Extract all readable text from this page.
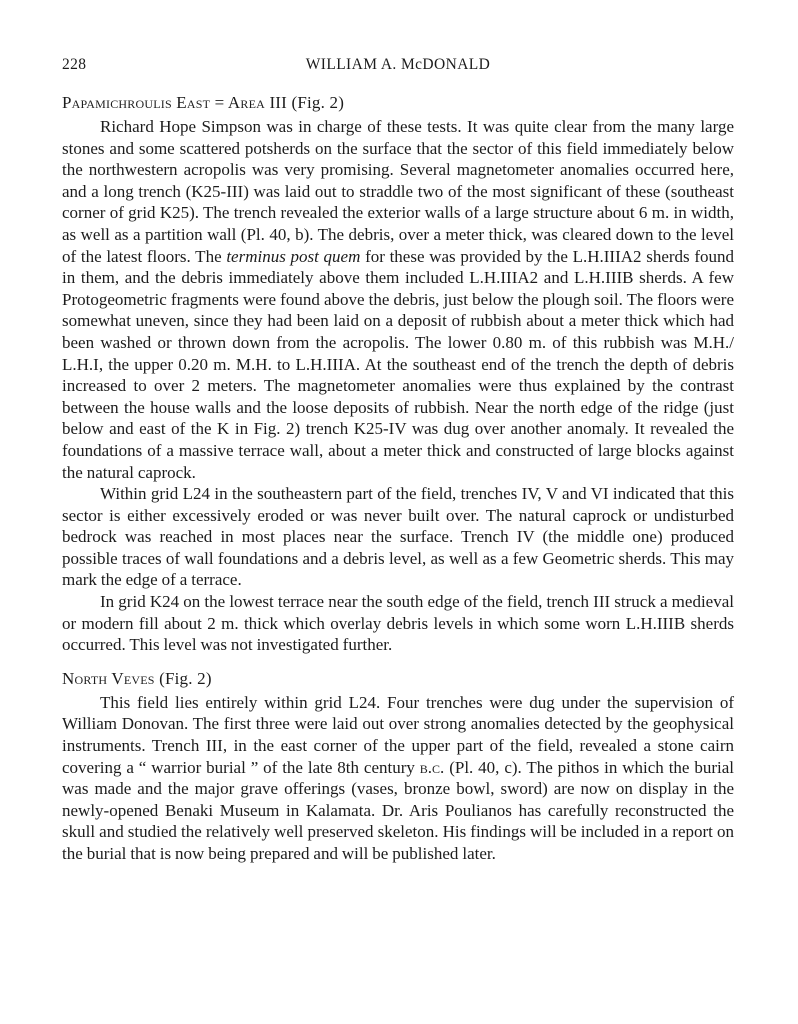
228	WILLIAM A. McDONALD
Papamichroulis East = Area III (Fig. 2)

Richard Hope Simpson was in charge of these tests. It was quite clear from the many large stones and some scattered potsherds on the surface that the sector of this field immediately below the northwestern acropolis was very promising. Several magnetometer anomalies occurred here, and a long trench (K25-III) was laid out to straddle two of the most significant of these (southeast corner of grid K25). The trench revealed the exterior walls of a large structure about 6 m. in width, as well as a partition wall (Pl. 40, b). The debris, over a meter thick, was cleared down to the level of the latest floors. The terminus post quem for these was provided by the L.H.IIIA2 sherds found in them, and the debris immediately above them included L.H.IIIA2 and L.H.IIIB sherds. A few Protogeometric fragments were found above the debris, just below the plough soil. The floors were somewhat uneven, since they had been laid on a deposit of rubbish about a meter thick which had been washed or thrown down from the acropolis. The lower 0.80 m. of this rubbish was M.H./ L.H.I, the upper 0.20 m. M.H. to L.H.IIIA. At the southeast end of the trench the depth of debris increased to over 2 meters. The magnetometer anomalies were thus explained by the contrast between the house walls and the loose deposits of rubbish. Near the north edge of the ridge (just below and east of the K in Fig. 2) trench K25-IV was dug over another anomaly. It revealed the foundations of a massive terrace wall, about a meter thick and constructed of large blocks against the natural caprock.

Within grid L24 in the southeastern part of the field, trenches IV, V and VI indicated that this sector is either excessively eroded or was never built over. The natural caprock or undisturbed bedrock was reached in most places near the surface. Trench IV (the middle one) produced possible traces of wall foundations and a debris level, as well as a few Geometric sherds. This may mark the edge of a terrace.

In grid K24 on the lowest terrace near the south edge of the field, trench III struck a medieval or modern fill about 2 m. thick which overlay debris levels in which some worn L.H.IIIB sherds occurred. This level was not investigated further.

North Veves (Fig. 2)

This field lies entirely within grid L24. Four trenches were dug under the supervision of William Donovan. The first three were laid out over strong anomalies detected by the geophysical instruments. Trench III, in the east corner of the upper part of the field, revealed a stone cairn covering a “ warrior burial ” of the late 8th century b.c. (Pl. 40, c). The pithos in which the burial was made and the major grave offerings (vases, bronze bowl, sword) are now on display in the newly-opened Benaki Museum in Kalamata. Dr. Aris Poulianos has carefully reconstructed the skull and studied the relatively well preserved skeleton. His findings will be included in a report on the burial that is now being prepared and will be published later.
